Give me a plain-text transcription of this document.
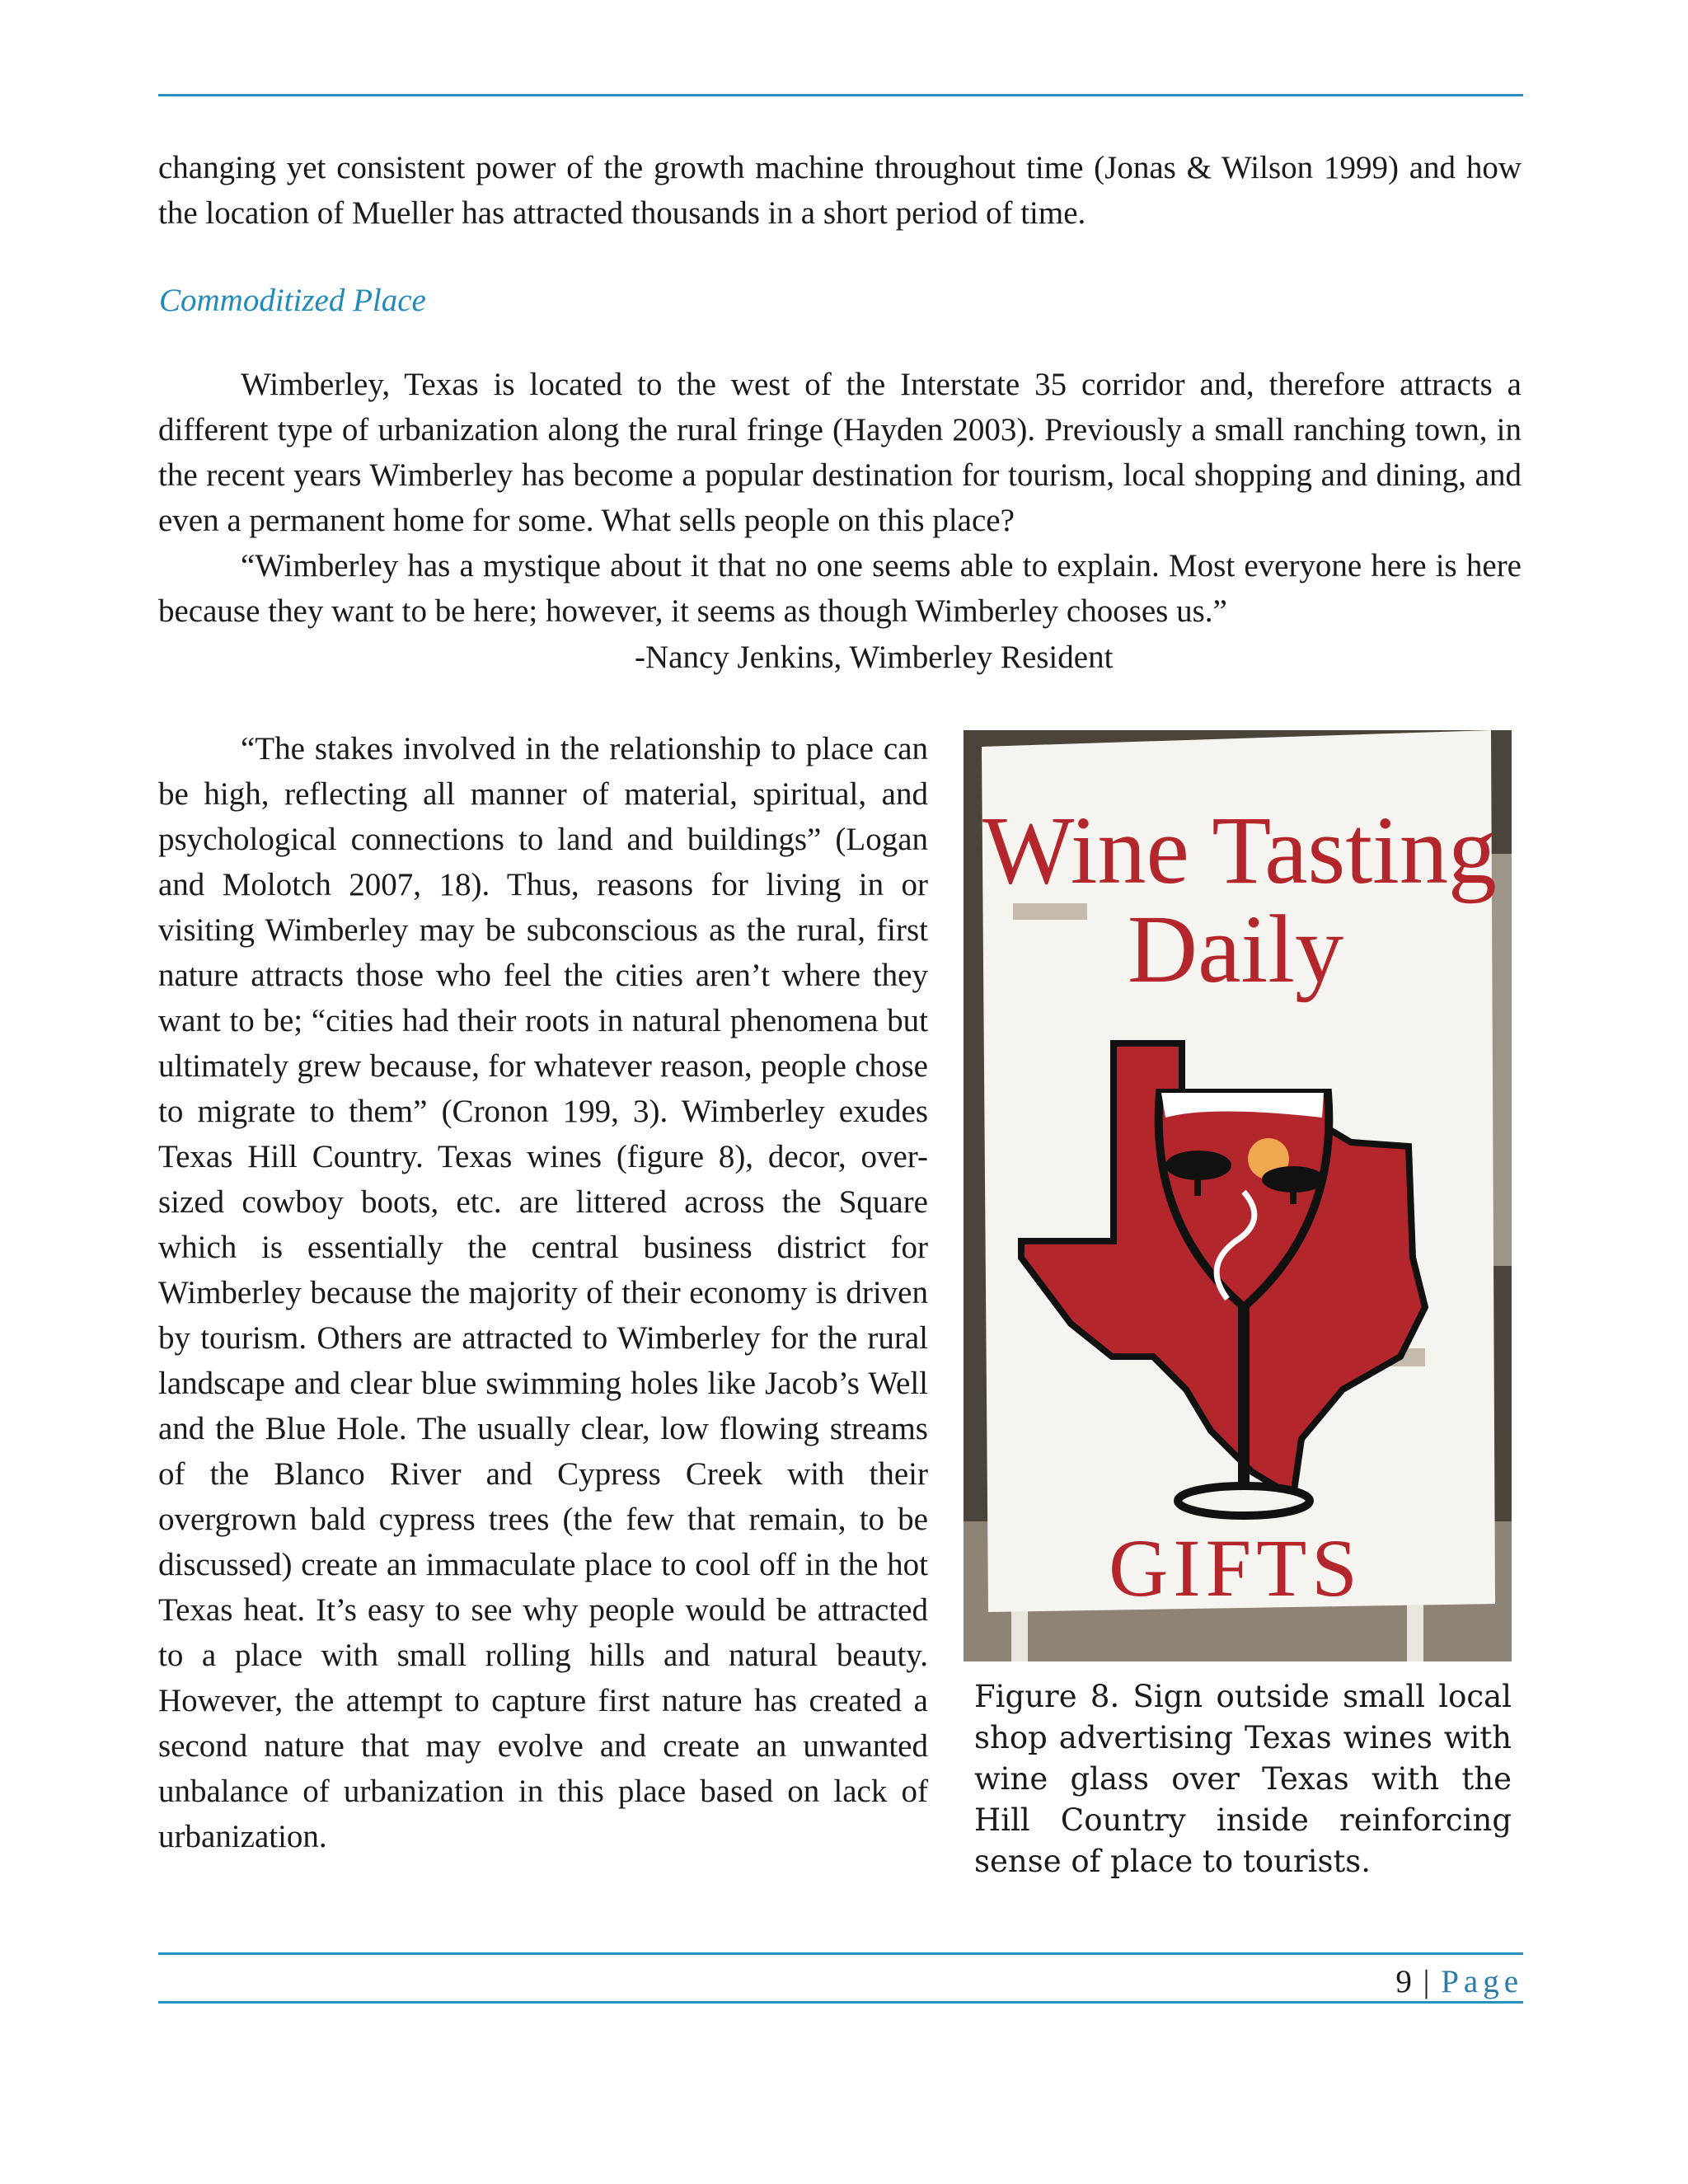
changing yet consistent power of the growth machine throughout time (Jonas & Wilson 1999) and how the location of Mueller has attracted thousands in a short period of time.
Commoditized Place
Wimberley, Texas is located to the west of the Interstate 35 corridor and, therefore attracts a different type of urbanization along the rural fringe (Hayden 2003). Previously a small ranching town, in the recent years Wimberley has become a popular destination for tourism, local shopping and dining, and even a permanent home for some. What sells people on this place?
“Wimberley has a mystique about it that no one seems able to explain. Most everyone here is here because they want to be here; however, it seems as though Wimberley chooses us.”
-Nancy Jenkins, Wimberley Resident
“The stakes involved in the relationship to place can be high, reflecting all manner of material, spiritual, and psychological connections to land and buildings” (Logan and Molotch 2007, 18). Thus, reasons for living in or visiting Wimberley may be subconscious as the rural, first nature attracts those who feel the cities aren’t where they want to be; “cities had their roots in natural phenomena but ultimately grew because, for whatever reason, people chose to migrate to them” (Cronon 199, 3). Wimberley exudes Texas Hill Country. Texas wines (figure 8), decor, over-sized cowboy boots, etc. are littered across the Square which is essentially the central business district for Wimberley because the majority of their economy is driven by tourism. Others are attracted to Wimberley for the rural landscape and clear blue swimming holes like Jacob’s Well and the Blue Hole. The usually clear, low flowing streams of the Blanco River and Cypress Creek with their overgrown bald cypress trees (the few that remain, to be discussed) create an immaculate place to cool off in the hot Texas heat. It’s easy to see why people would be attracted to a place with small rolling hills and natural beauty. However, the attempt to capture first nature has created a second nature that may evolve and create an unwanted unbalance of urbanization in this place based on lack of urbanization.
Wine Tasting
Daily
GIFTS
Figure 8. Sign outside small local shop advertising Texas wines with wine glass over Texas with the Hill Country inside reinforcing sense of place to tourists.
9 | Page
